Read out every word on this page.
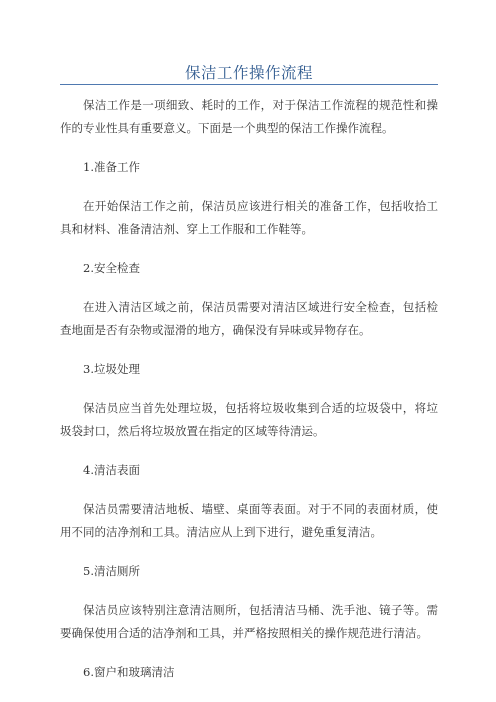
保洁工作操作流程

保洁工作是一项细致、耗时的工作，对于保洁工作流程的规范性和操作的专业性具有重要意义。下面是一个典型的保洁工作操作流程。

1.准备工作

在开始保洁工作之前，保洁员应该进行相关的准备工作，包括收拾工具和材料、准备清洁剂、穿上工作服和工作鞋等。

2.安全检查

在进入清洁区域之前，保洁员需要对清洁区域进行安全检查，包括检查地面是否有杂物或湿滑的地方，确保没有异味或异物存在。

3.垃圾处理

保洁员应当首先处理垃圾，包括将垃圾收集到合适的垃圾袋中，将垃圾袋封口，然后将垃圾放置在指定的区域等待清运。

4.清洁表面

保洁员需要清洁地板、墙壁、桌面等表面。对于不同的表面材质，使用不同的洁净剂和工具。清洁应从上到下进行，避免重复清洁。

5.清洁厕所

保洁员应该特别注意清洁厕所，包括清洁马桶、洗手池、镜子等。需要确保使用合适的洁净剂和工具，并严格按照相关的操作规范进行清洁。

6.窗户和玻璃清洁
